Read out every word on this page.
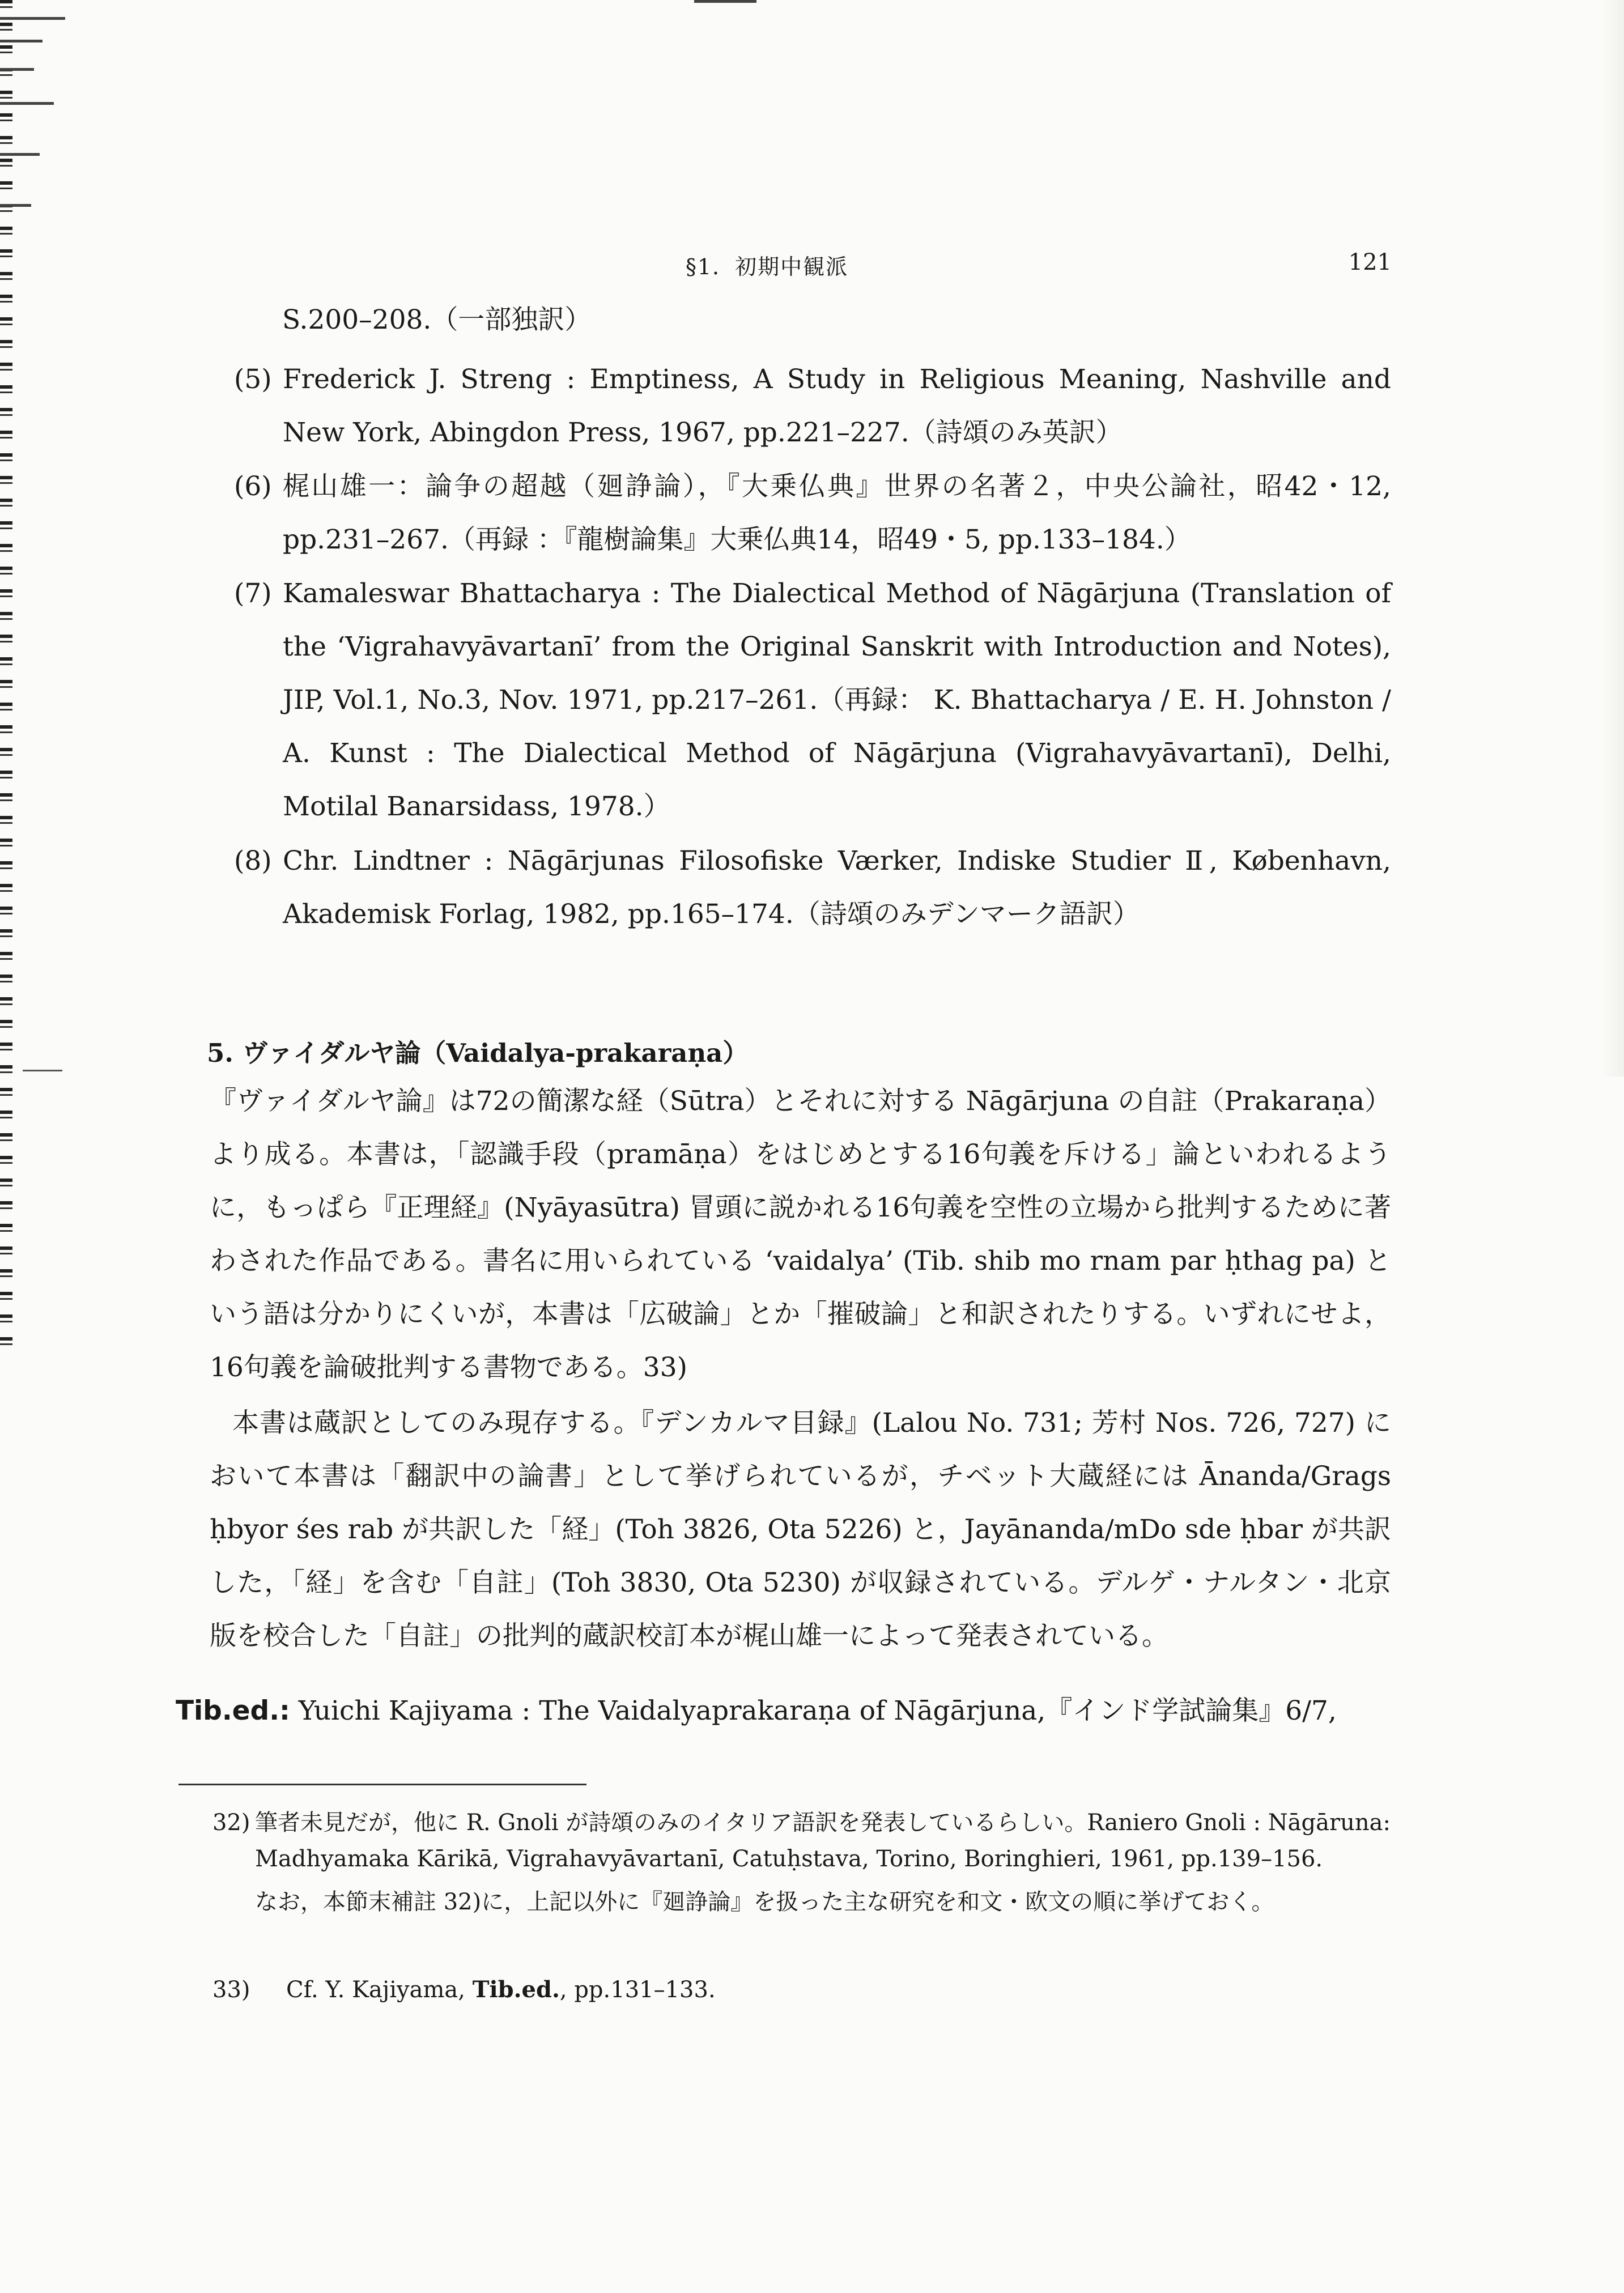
§1．初期中観派	121
S.200–208.（一部独訳）
(5) Frederick J. Streng : Emptiness, A Study in Religious Meaning, Nashville and New York, Abingdon Press, 1967, pp.221–227.（詩頌のみ英訳）
(6) 梶山雄一：論争の超越（廻諍論），『大乗仏典』世界の名著２，中央公論社，昭42・12, pp.231–267.（再録 ：『龍樹論集』大乗仏典14，昭49・5, pp.133–184.）
(7) Kamaleswar Bhattacharya : The Dialectical Method of Nāgārjuna (Translation of the ‘Vigrahavyāvartanī’ from the Original Sanskrit with Introduction and Notes), JIP, Vol.1, No.3, Nov. 1971, pp.217–261.（再録： K. Bhattacharya / E. H. Johnston / A. Kunst : The Dialectical Method of Nāgārjuna (Vigrahavyāvartanī), Delhi, Motilal Banarsidass, 1978.）
(8) Chr. Lindtner : Nāgārjunas Filosofiske Værker, Indiske Studier Ⅱ, København, Akademisk Forlag, 1982, pp.165–174.（詩頌のみデンマーク語訳）
5. ヴァイダルヤ論（Vaidalya-prakaraṇa）
『ヴァイダルヤ論』は72の簡潔な経（Sūtra）とそれに対する Nāgārjuna の自註（Prakaraṇa）より成る。本書は，「認識手段（pramāṇa）をはじめとする16句義を斥ける」論といわれるように，もっぱら『正理経』(Nyāyasūtra) 冒頭に説かれる16句義を空性の立場から批判するために著わされた作品である。書名に用いられている ‘vaidalya’ (Tib. shib mo rnam par ḥthag pa) という語は分かりにくいが，本書は「広破論」とか「摧破論」と和訳されたりする。いずれにせよ，16句義を論破批判する書物である。33)
本書は蔵訳としてのみ現存する。『デンカルマ目録』(Lalou No. 731; 芳村 Nos. 726, 727) において本書は「翻訳中の論書」として挙げられているが，チベット大蔵経には Ānanda/Grags ḥbyor śes rab が共訳した「経」(Toh 3826, Ota 5226) と，Jayānanda/mDo sde ḥbar が共訳した，「経」を含む「自註」(Toh 3830, Ota 5230) が収録されている。デルゲ・ナルタン・北京版を校合した「自註」の批判的蔵訳校訂本が梶山雄一によって発表されている。
Tib.ed.: Yuichi Kajiyama : The Vaidalyaprakaraṇa of Nāgārjuna,『インド学試論集』6/7,
32) 筆者未見だが，他に R. Gnoli が詩頌のみのイタリア語訳を発表しているらしい。Raniero Gnoli : Nāgāruna: Madhyamaka Kārikā, Vigrahavyāvartanī, Catuḥstava, Torino, Boringhieri, 1961, pp.139–156.
なお，本節末補註 32)に，上記以外に『廻諍論』を扱った主な研究を和文・欧文の順に挙げておく。
33)	Cf. Y. Kajiyama, Tib.ed., pp.131–133.
